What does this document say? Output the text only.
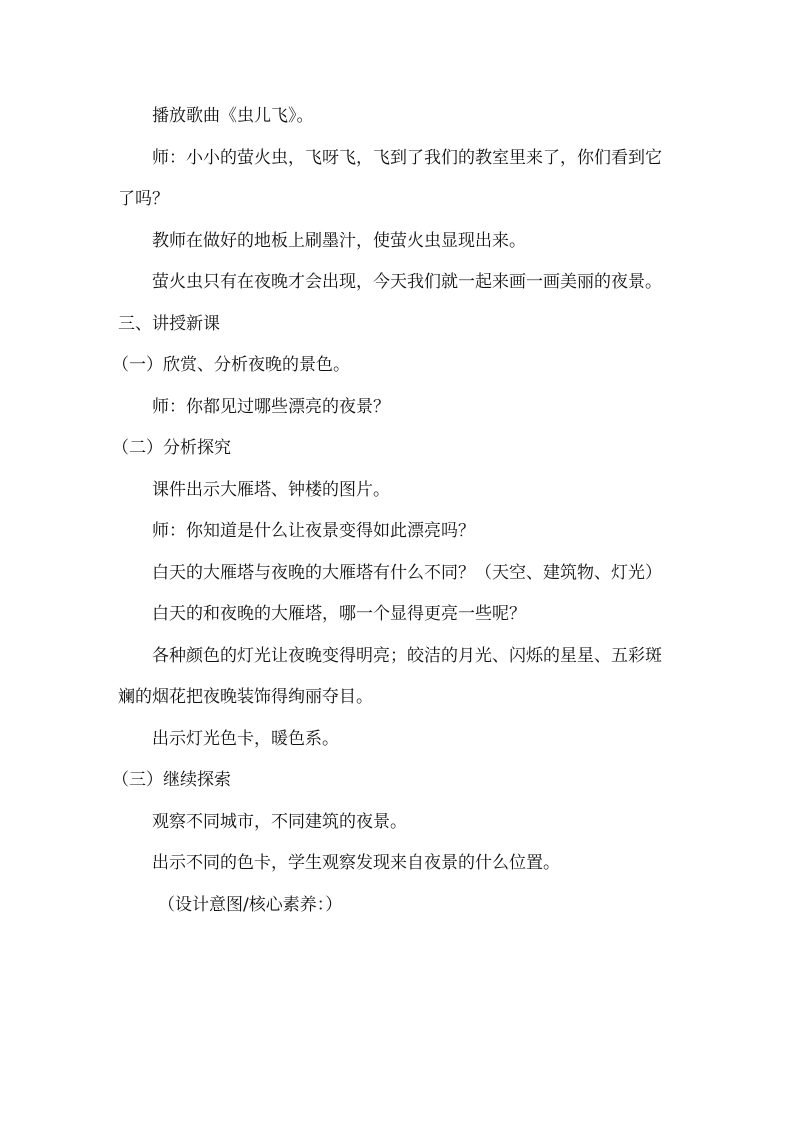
播放歌曲《虫儿飞》。

师：小小的萤火虫，飞呀飞，飞到了我们的教室里来了，你们看到它了吗？

教师在做好的地板上刷墨汁，使萤火虫显现出来。

萤火虫只有在夜晚才会出现，今天我们就一起来画一画美丽的夜景。

三、讲授新课

（一）欣赏、分析夜晚的景色。

师：你都见过哪些漂亮的夜景？

（二）分析探究

课件出示大雁塔、钟楼的图片。

师：你知道是什么让夜景变得如此漂亮吗？

白天的大雁塔与夜晚的大雁塔有什么不同？（天空、建筑物、灯光）

白天的和夜晚的大雁塔，哪一个显得更亮一些呢？

各种颜色的灯光让夜晚变得明亮；皎洁的月光、闪烁的星星、五彩斑斓的烟花把夜晚装饰得绚丽夺目。

出示灯光色卡，暖色系。

（三）继续探索

观察不同城市，不同建筑的夜景。

出示不同的色卡，学生观察发现来自夜景的什么位置。

（设计意图/核心素养：）
